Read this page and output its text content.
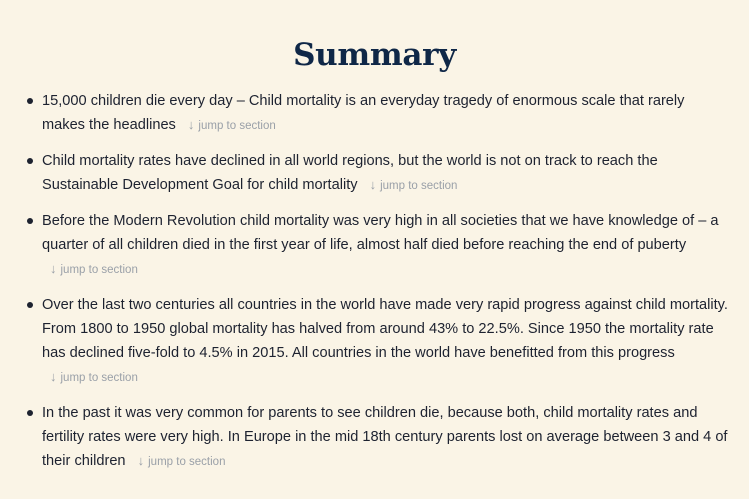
Summary
15,000 children die every day – Child mortality is an everyday tragedy of enormous scale that rarely makes the headlines ↓ jump to section
Child mortality rates have declined in all world regions, but the world is not on track to reach the Sustainable Development Goal for child mortality ↓ jump to section
Before the Modern Revolution child mortality was very high in all societies that we have knowledge of – a quarter of all children died in the first year of life, almost half died before reaching the end of puberty ↓ jump to section
Over the last two centuries all countries in the world have made very rapid progress against child mortality. From 1800 to 1950 global mortality has halved from around 43% to 22.5%. Since 1950 the mortality rate has declined five-fold to 4.5% in 2015. All countries in the world have benefitted from this progress ↓ jump to section
In the past it was very common for parents to see children die, because both, child mortality rates and fertility rates were very high. In Europe in the mid 18th century parents lost on average between 3 and 4 of their children ↓ jump to section
